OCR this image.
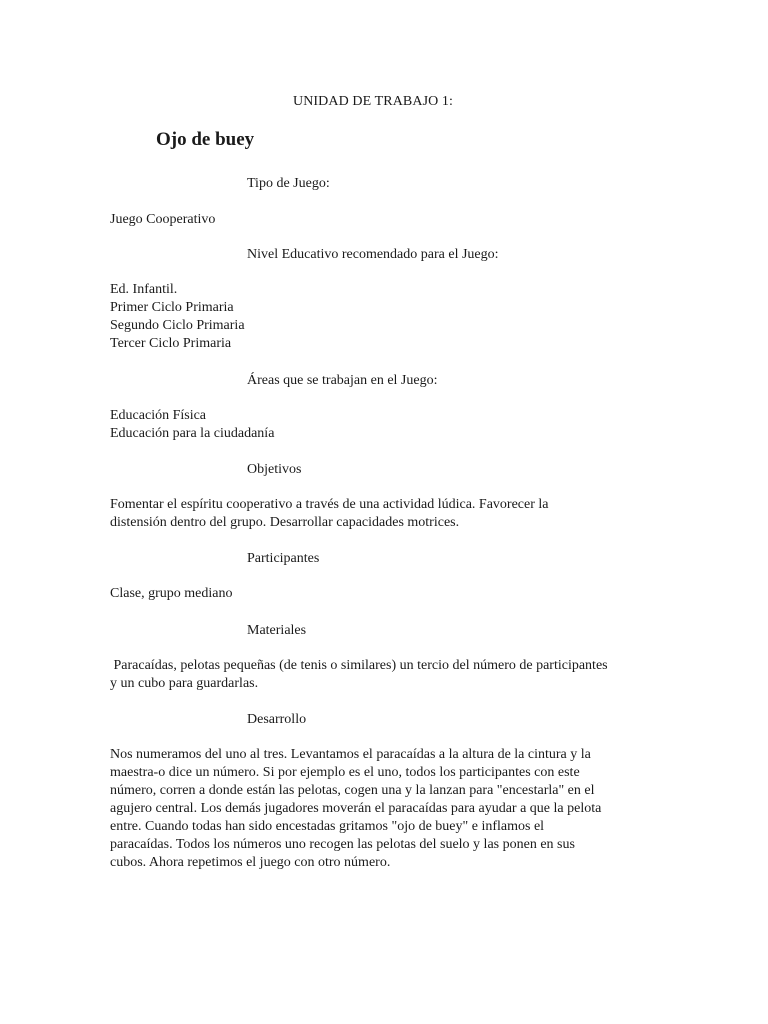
UNIDAD DE TRABAJO 1:
Ojo de buey
Tipo de Juego:
Juego Cooperativo
Nivel Educativo recomendado para el Juego:
Ed. Infantil.
Primer Ciclo Primaria
Segundo Ciclo Primaria
Tercer Ciclo Primaria
Áreas que se trabajan en el Juego:
Educación Física
Educación para la ciudadanía
Objetivos
Fomentar el espíritu cooperativo a través de una actividad lúdica. Favorecer la
distensión dentro del grupo. Desarrollar capacidades motrices.
Participantes
Clase, grupo mediano
Materiales
Paracaídas, pelotas pequeñas (de tenis o similares) un tercio del número de participantes
y un cubo para guardarlas.
Desarrollo
Nos numeramos del uno al tres. Levantamos el paracaídas a la altura de la cintura y la
maestra-o dice un número. Si por ejemplo es el uno, todos los participantes con este
número, corren a donde están las pelotas, cogen una y la lanzan para "encestarla" en el
agujero central. Los demás jugadores moverán el paracaídas para ayudar a que la pelota
entre. Cuando todas han sido encestadas gritamos "ojo de buey" e inflamos el
paracaídas. Todos los números uno recogen las pelotas del suelo y las ponen en sus
cubos. Ahora repetimos el juego con otro número.
